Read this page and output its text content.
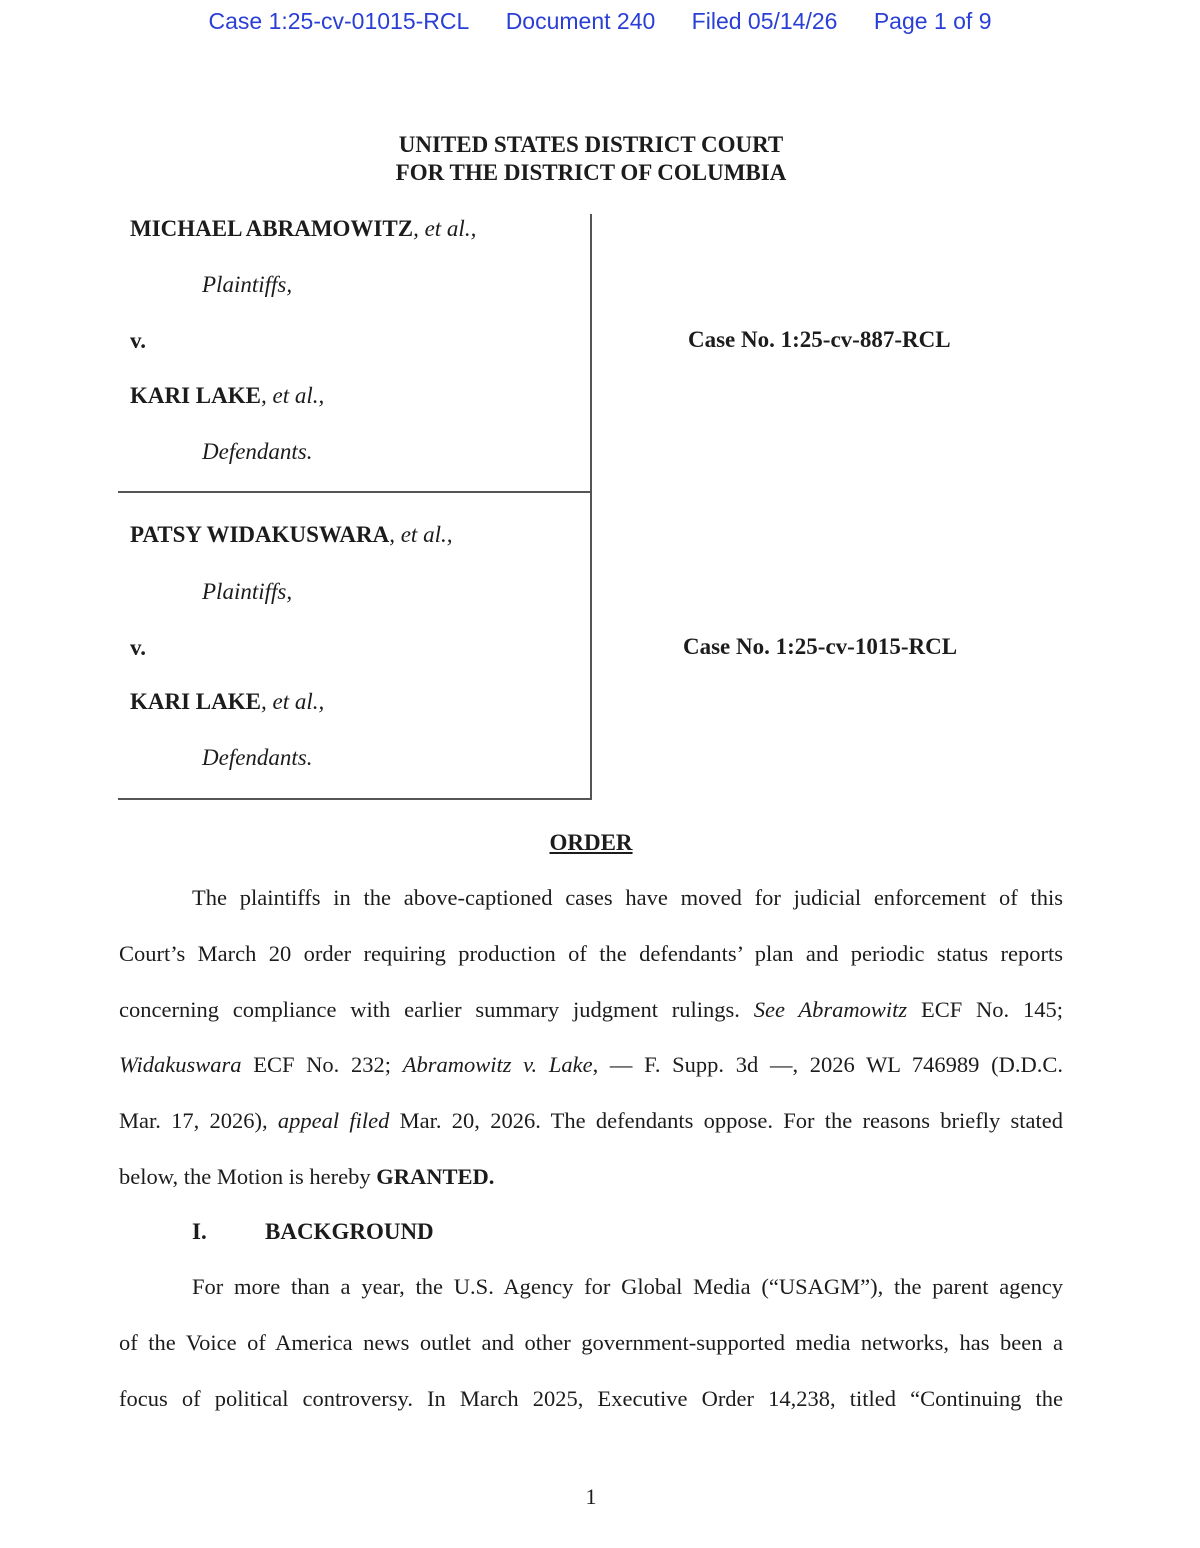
Case 1:25-cv-01015-RCL Document 240 Filed 05/14/26 Page 1 of 9
UNITED STATES DISTRICT COURT
FOR THE DISTRICT OF COLUMBIA
MICHAEL ABRAMOWITZ, et al.,
Plaintiffs,
v.	Case No. 1:25-cv-887-RCL
KARI LAKE, et al.,
Defendants.
PATSY WIDAKUSWARA, et al.,
Plaintiffs,
v.	Case No. 1:25-cv-1015-RCL
KARI LAKE, et al.,
Defendants.
ORDER
The plaintiffs in the above-captioned cases have moved for judicial enforcement of this
Court’s March 20 order requiring production of the defendants’ plan and periodic status reports
concerning compliance with earlier summary judgment rulings. See Abramowitz ECF No. 145;
Widakuswara ECF No. 232; Abramowitz v. Lake, — F. Supp. 3d —, 2026 WL 746989 (D.D.C.
Mar. 17, 2026), appeal filed Mar. 20, 2026. The defendants oppose. For the reasons briefly stated
below, the Motion is hereby GRANTED.
I.	BACKGROUND
For more than a year, the U.S. Agency for Global Media (“USAGM”), the parent agency
of the Voice of America news outlet and other government-supported media networks, has been a
focus of political controversy. In March 2025, Executive Order 14,238, titled “Continuing the
1
